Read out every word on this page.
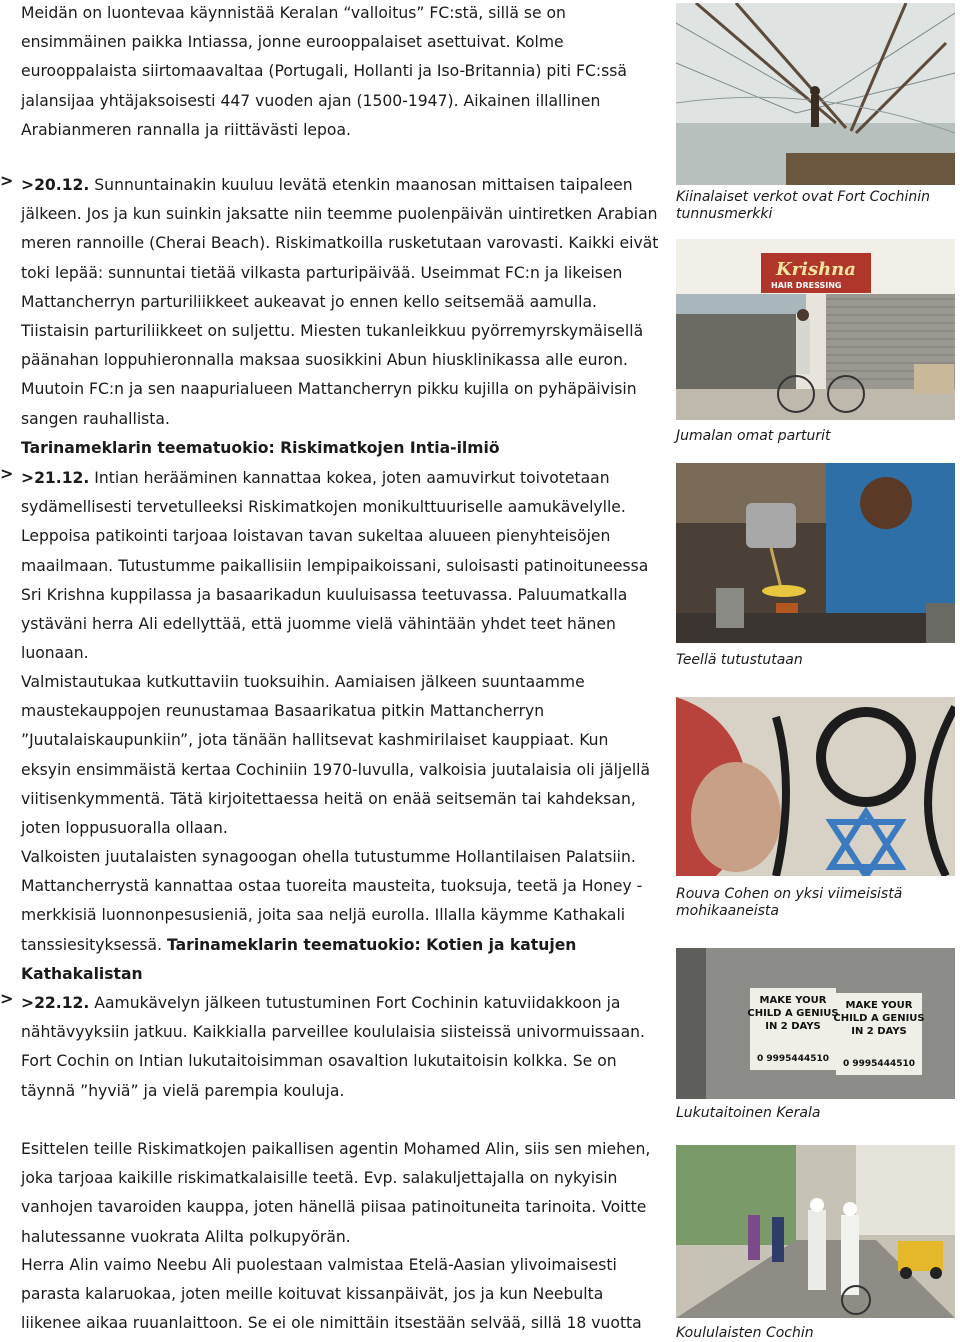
Meidän on luontevaa käynnistää Keralan “valloitus” FC:stä, sillä se on ensimmäinen paikka Intiassa, jonne eurooppalaiset asettuivat. Kolme eurooppalaista siirtomaavaltaa (Portugali, Hollanti ja Iso-Britannia) piti FC:ssä jalansijaa yhtäjaksoisesti 447 vuoden ajan (1500-1947). Aikainen illallinen Arabianmeren rannalla ja riittävästi lepoa.

> >20.12. Sunnuntainakin kuuluu levätä etenkin maanosan mittaisen taipaleen jälkeen. Jos ja kun suinkin jaksatte niin teemme puolenpäivän uintiretken Arabian meren rannoille (Cherai Beach). Riskimatkoilla rusketutaan varovasti. Kaikki eivät toki lepää: sunnuntai tietää vilkasta parturipäivää. Useimmat FC:n ja likeisen Mattancherryn parturiliikkeet aukeavat jo ennen kello seitsemää aamulla. Tiistaisin parturiliikkeet on suljettu. Miesten tukanleikkuu pyörremyrskymäisellä päänahan loppuhieronnalla maksaa suosikkini Abun hiusklinikassa alle euron. Muutoin FC:n ja sen naapurialueen Mattancherryn pikku kujilla on pyhäpäivisin sangen rauhallista.
Tarinameklarin teematuokio: Riskimatkojen Intia-ilmiö

> >21.12. Intian herääminen kannattaa kokea, joten aamuvirkut toivotetaan sydämellisesti tervetulleeksi Riskimatkojen monikulttuuriselle aamukävelylle. Leppoisa patikointi tarjoaa loistavan tavan sukeltaa aluueen pienyhteisöjen maailmaan. Tutustumme paikallisiin lempipaikoissani, suloisasti patinoituneessa Sri Krishna kuppilassa ja basaarikadun kuuluisassa teetuvassa. Paluumatkalla ystäväni herra Ali edellyttää, että juomme vielä vähintään yhdet teet hänen luonaan.

Valmistautukaa kutkuttaviin tuoksuihin. Aamiaisen jälkeen suuntaamme maustekauppojen reunustamaa Basaarikatua pitkin Mattancherryn ”Juutalaiskaupunkiin”, jota tänään hallitsevat kashmirilaiset kauppiaat. Kun eksyin ensimmäistä kertaa Cochiniin 1970-luvulla, valkoisia juutalaisia oli jäljellä viitisenkymmentä. Tätä kirjoitettaessa heitä on enää seitsemän tai kahdeksan, joten loppusuoralla ollaan.

Valkoisten juutalaisten synagoogan ohella tutustumme Hollantilaisen Palatsiin. Mattancherrystä kannattaa ostaa tuoreita mausteita, tuoksuja, teetä ja Honey -merkkisiä luonnonpesusieniä, joita saa neljä eurolla. Illalla käymme Kathakali tanssiesityksessä. Tarinameklarin teematuokio: Kotien ja katujen Kathakalistan

> >22.12. Aamukävelyn jälkeen tutustuminen Fort Cochinin katuviidakkoon ja nähtävyyksiin jatkuu. Kaikkialla parveillee koululaisia siisteissä univormuissaan. Fort Cochin on Intian lukutaitoisimman osavaltion lukutaitoisin kolkka. Se on täynnä ”hyviä” ja vielä parempia kouluja.

Esittelen teille Riskimatkojen paikallisen agentin Mohamed Alin, siis sen miehen, joka tarjoaa kaikille riskimatkalaisille teetä. Evp. salakuljettajalla on nykyisin vanhojen tavaroiden kauppa, joten hänellä piisaa patinoituneita tarinoita. Voitte halutessanne vuokrata Alilta polkupyörän.

Herra Alin vaimo Neebu Ali puolestaan valmistaa Etelä-Aasian ylivoimaisesti parasta kalaruokaa, joten meille koituvat kissanpäivät, jos ja kun Neebulta liikenee aikaa ruuanlaittoon. Se ei ole nimittäin itsestään selvää, sillä 18 vuotta

Kiinalaiset verkot ovat Fort Cochinin tunnusmerkki
Krishna
HAIR DRESSING
Jumalan omat parturit
Teellä tutustutaan
Rouva Cohen on yksi viimeisistä mohikaaneista
MAKE YOUR
CHILD A GENIUS
IN 2 DAYS
0 9995444510
MAKE YOUR
CHILD A GENIUS
IN 2 DAYS
0 9995444510
Lukutaitoinen Kerala
Koululaisten Cochin
